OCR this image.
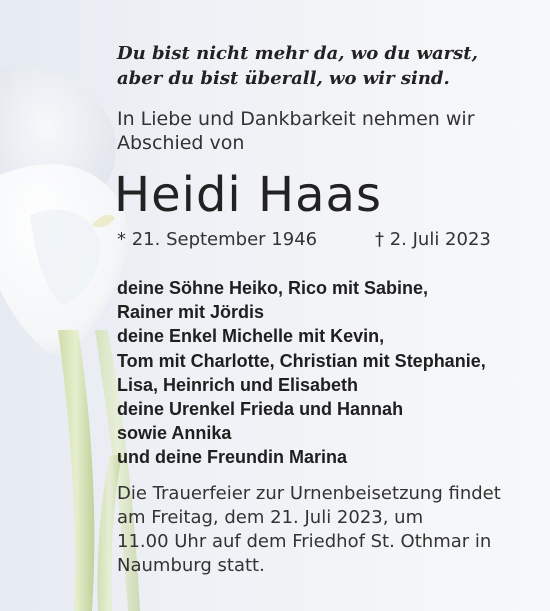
Du bist nicht mehr da, wo du warst,
aber du bist überall, wo wir sind.
In Liebe und Dankbarkeit nehmen wir
Abschied von
Heidi Haas
* 21. September 1946	† 2. Juli 2023
deine Söhne Heiko, Rico mit Sabine,
Rainer mit Jördis
deine Enkel Michelle mit Kevin,
Tom mit Charlotte, Christian mit Stephanie,
Lisa, Heinrich und Elisabeth
deine Urenkel Frieda und Hannah
sowie Annika
und deine Freundin Marina
Die Trauerfeier zur Urnenbeisetzung findet
am Freitag, dem 21. Juli 2023, um
11.00 Uhr auf dem Friedhof St. Othmar in
Naumburg statt.
